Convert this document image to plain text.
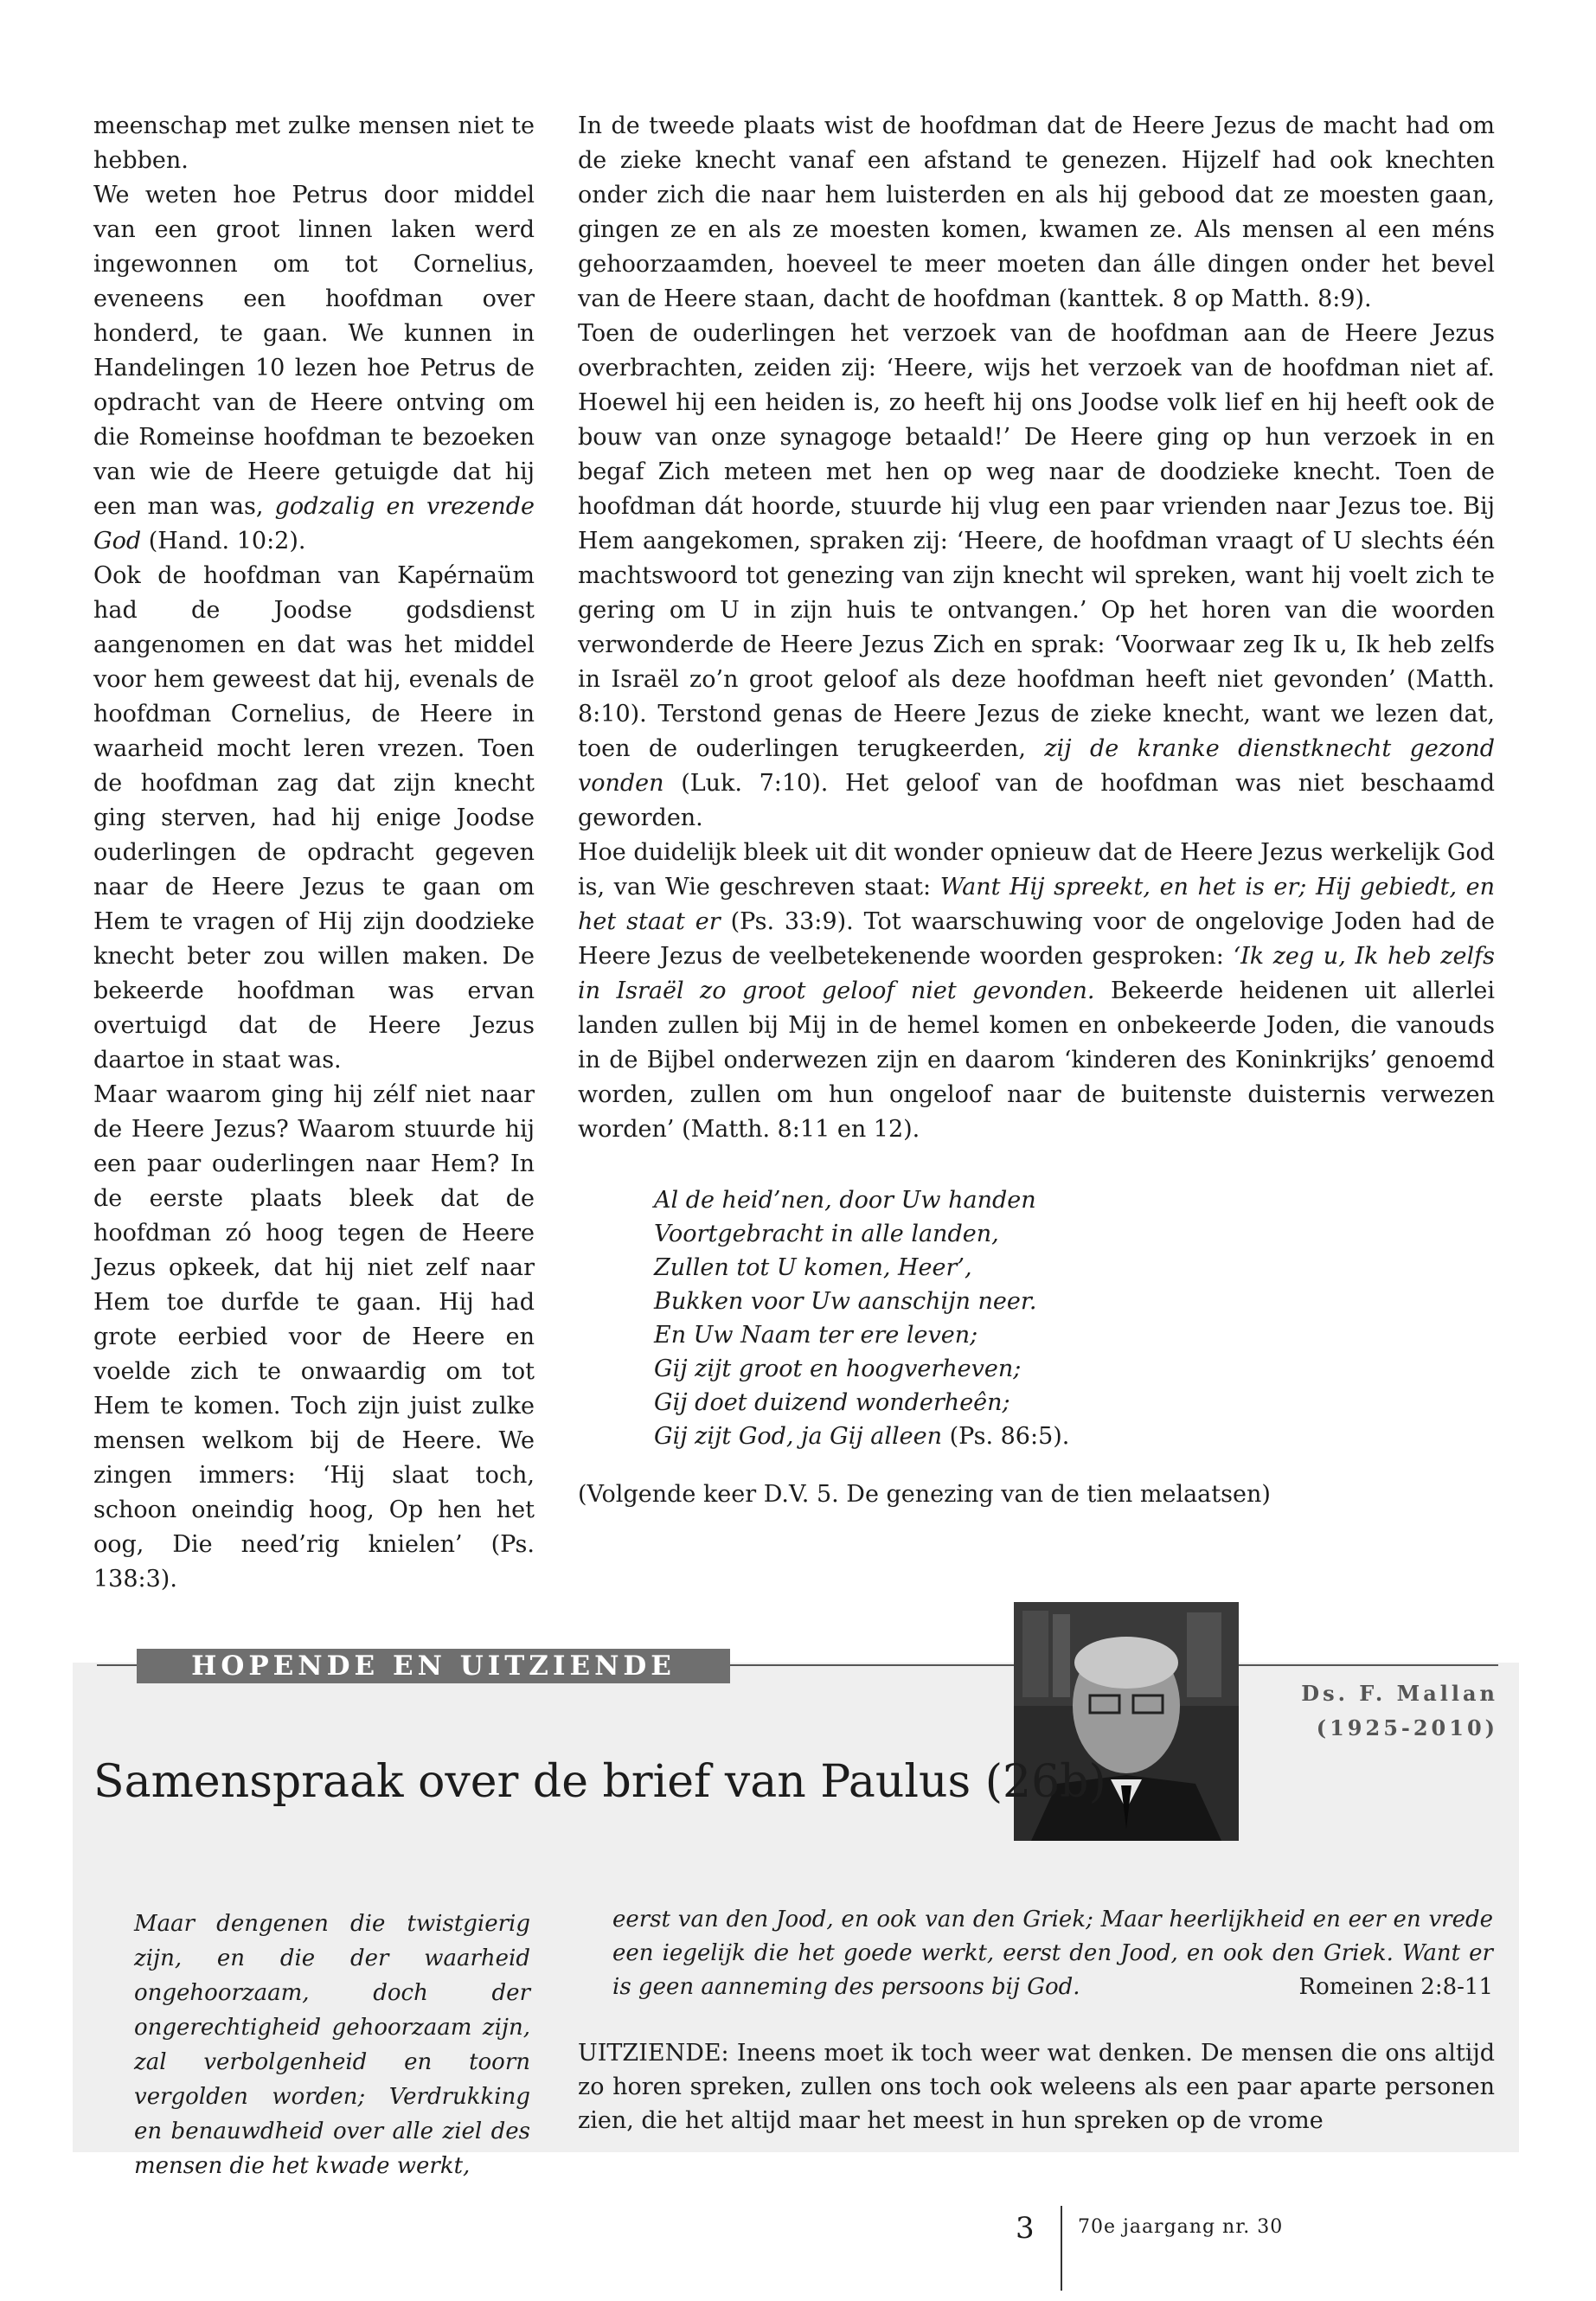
meenschap met zulke mensen niet te hebben.

We weten hoe Petrus door middel van een groot linnen laken werd ingewonnen om tot Cornelius, eveneens een hoofdman over honderd, te gaan. We kunnen in Handelingen 10 lezen hoe Petrus de opdracht van de Heere ontving om die Romeinse hoofdman te bezoeken van wie de Heere getuigde dat hij een man was, godzalig en vrezende God (Hand. 10:2).

Ook de hoofdman van Kapérnaüm had de Joodse godsdienst aangenomen en dat was het middel voor hem geweest dat hij, evenals de hoofdman Cornelius, de Heere in waarheid mocht leren vrezen. Toen de hoofdman zag dat zijn knecht ging sterven, had hij enige Joodse ouderlingen de opdracht gegeven naar de Heere Jezus te gaan om Hem te vragen of Hij zijn doodzieke knecht beter zou willen maken. De bekeerde hoofdman was ervan overtuigd dat de Heere Jezus daartoe in staat was.

Maar waarom ging hij zélf niet naar de Heere Jezus? Waarom stuurde hij een paar ouderlingen naar Hem? In de eerste plaats bleek dat de hoofdman zó hoog tegen de Heere Jezus opkeek, dat hij niet zelf naar Hem toe durfde te gaan. Hij had grote eerbied voor de Heere en voelde zich te onwaardig om tot Hem te komen. Toch zijn juist zulke mensen welkom bij de Heere. We zingen immers: ‘Hij slaat toch, schoon oneindig hoog, Op hen het oog, Die need’rig knielen’ (Ps. 138:3).

In de tweede plaats wist de hoofdman dat de Heere Jezus de macht had om de zieke knecht vanaf een afstand te genezen. Hijzelf had ook knechten onder zich die naar hem luisterden en als hij gebood dat ze moesten gaan, gingen ze en als ze moesten komen, kwamen ze. Als mensen al een méns gehoorzaamden, hoeveel te meer moeten dan álle dingen onder het bevel van de Heere staan, dacht de hoofdman (kanttek. 8 op Matth. 8:9).

Toen de ouderlingen het verzoek van de hoofdman aan de Heere Jezus overbrachten, zeiden zij: ‘Heere, wijs het verzoek van de hoofdman niet af. Hoewel hij een heiden is, zo heeft hij ons Joodse volk lief en hij heeft ook de bouw van onze synagoge betaald!’ De Heere ging op hun verzoek in en begaf Zich meteen met hen op weg naar de doodzieke knecht. Toen de hoofdman dát hoorde, stuurde hij vlug een paar vrienden naar Jezus toe. Bij Hem aangekomen, spraken zij: ‘Heere, de hoofdman vraagt of U slechts één machtswoord tot genezing van zijn knecht wil spreken, want hij voelt zich te gering om U in zijn huis te ontvangen.’ Op het horen van die woorden verwonderde de Heere Jezus Zich en sprak: ‘Voorwaar zeg Ik u, Ik heb zelfs in Israël zo’n groot geloof als deze hoofdman heeft niet gevonden’ (Matth. 8:10). Terstond genas de Heere Jezus de zieke knecht, want we lezen dat, toen de ouderlingen terugkeerden, zij de kranke dienstknecht gezond vonden (Luk. 7:10). Het geloof van de hoofdman was niet beschaamd geworden.

Hoe duidelijk bleek uit dit wonder opnieuw dat de Heere Jezus werkelijk God is, van Wie geschreven staat: Want Hij spreekt, en het is er; Hij gebiedt, en het staat er (Ps. 33:9). Tot waarschuwing voor de ongelovige Joden had de Heere Jezus de veelbetekenende woorden gesproken: ‘Ik zeg u, Ik heb zelfs in Israël zo groot geloof niet gevonden. Bekeerde heidenen uit allerlei landen zullen bij Mij in de hemel komen en onbekeerde Joden, die vanouds in de Bijbel onderwezen zijn en daarom ‘kinderen des Koninkrijks’ genoemd worden, zullen om hun ongeloof naar de buitenste duisternis verwezen worden’ (Matth. 8:11 en 12).

Al de heid’nen, door Uw handen
Voortgebracht in alle landen,
Zullen tot U komen, Heer’,
Bukken voor Uw aanschijn neer.
En Uw Naam ter ere leven;
Gij zijt groot en hoogverheven;
Gij doet duizend wonderheên;
Gij zijt God, ja Gij alleen (Ps. 86:5).

(Volgende keer D.V. 5. De genezing van de tien melaatsen)

HOPENDE EN UITZIENDE
Ds. F. Mallan
(1925-2010)
Samenspraak over de brief van Paulus (26b)
Maar dengenen die twistgierig zijn, en die der waarheid ongehoorzaam, doch der ongerechtigheid gehoorzaam zijn, zal verbolgenheid en toorn vergolden worden; Verdrukking en benauwdheid over alle ziel des mensen die het kwade werkt,
eerst van den Jood, en ook van den Griek; Maar heerlijkheid en eer en vrede een iegelijk die het goede werkt, eerst den Jood, en ook den Griek. Want er is geen aanneming des persoons bij God.	Romeinen 2:8-11
UITZIENDE: Ineens moet ik toch weer wat denken. De mensen die ons altijd zo horen spreken, zullen ons toch ook weleens als een paar aparte personen zien, die het altijd maar het meest in hun spreken op de vrome
3 70e jaargang nr. 30
